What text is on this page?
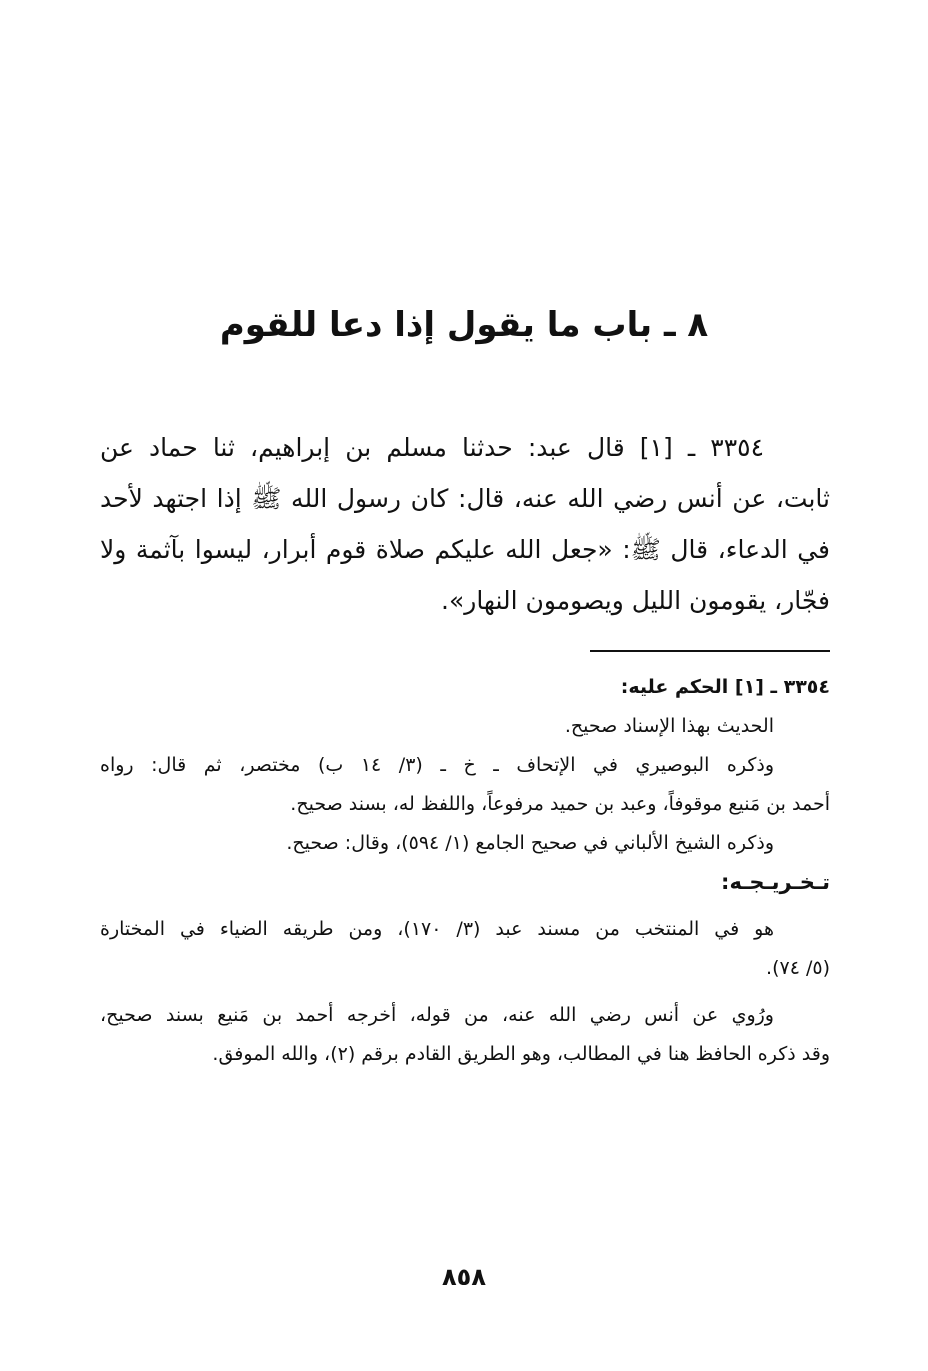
٨ ـ باب ما يقول إذا دعا للقوم
٣٣٥٤ ـ [١] قال عبد: حدثنا مسلم بن إبراهيم، ثنا حماد عن
ثابت، عن أنس رضي الله عنه، قال: كان رسول الله ﷺ إذا اجتهد لأحد
في الدعاء، قال ﷺ: «جعل الله عليكم صلاة قوم أبرار، ليسوا بآثمة ولا
فجّار، يقومون الليل ويصومون النهار».
٣٣٥٤ ـ [١] الحكم عليه:
الحديث بهذا الإسناد صحيح.
وذكره البوصيري في الإتحاف ـ خ ـ (٣/ ١٤ ب) مختصر، ثم قال: رواه
أحمد بن مَنيع موقوفاً، وعبد بن حميد مرفوعاً، واللفظ له، بسند صحيح.
وذكره الشيخ الألباني في صحيح الجامع (١/ ٥٩٤)، وقال: صحيح.
تـخـريـجـه:
هو في المنتخب من مسند عبد (٣/ ١٧٠)، ومن طريقه الضياء في المختارة
(٥/ ٧٤).
ورُوي عن أنس رضي الله عنه، من قوله، أخرجه أحمد بن مَنيع بسند صحيح،
وقد ذكره الحافظ هنا في المطالب، وهو الطريق القادم برقم (٢)، والله الموفق.
٨٥٨
